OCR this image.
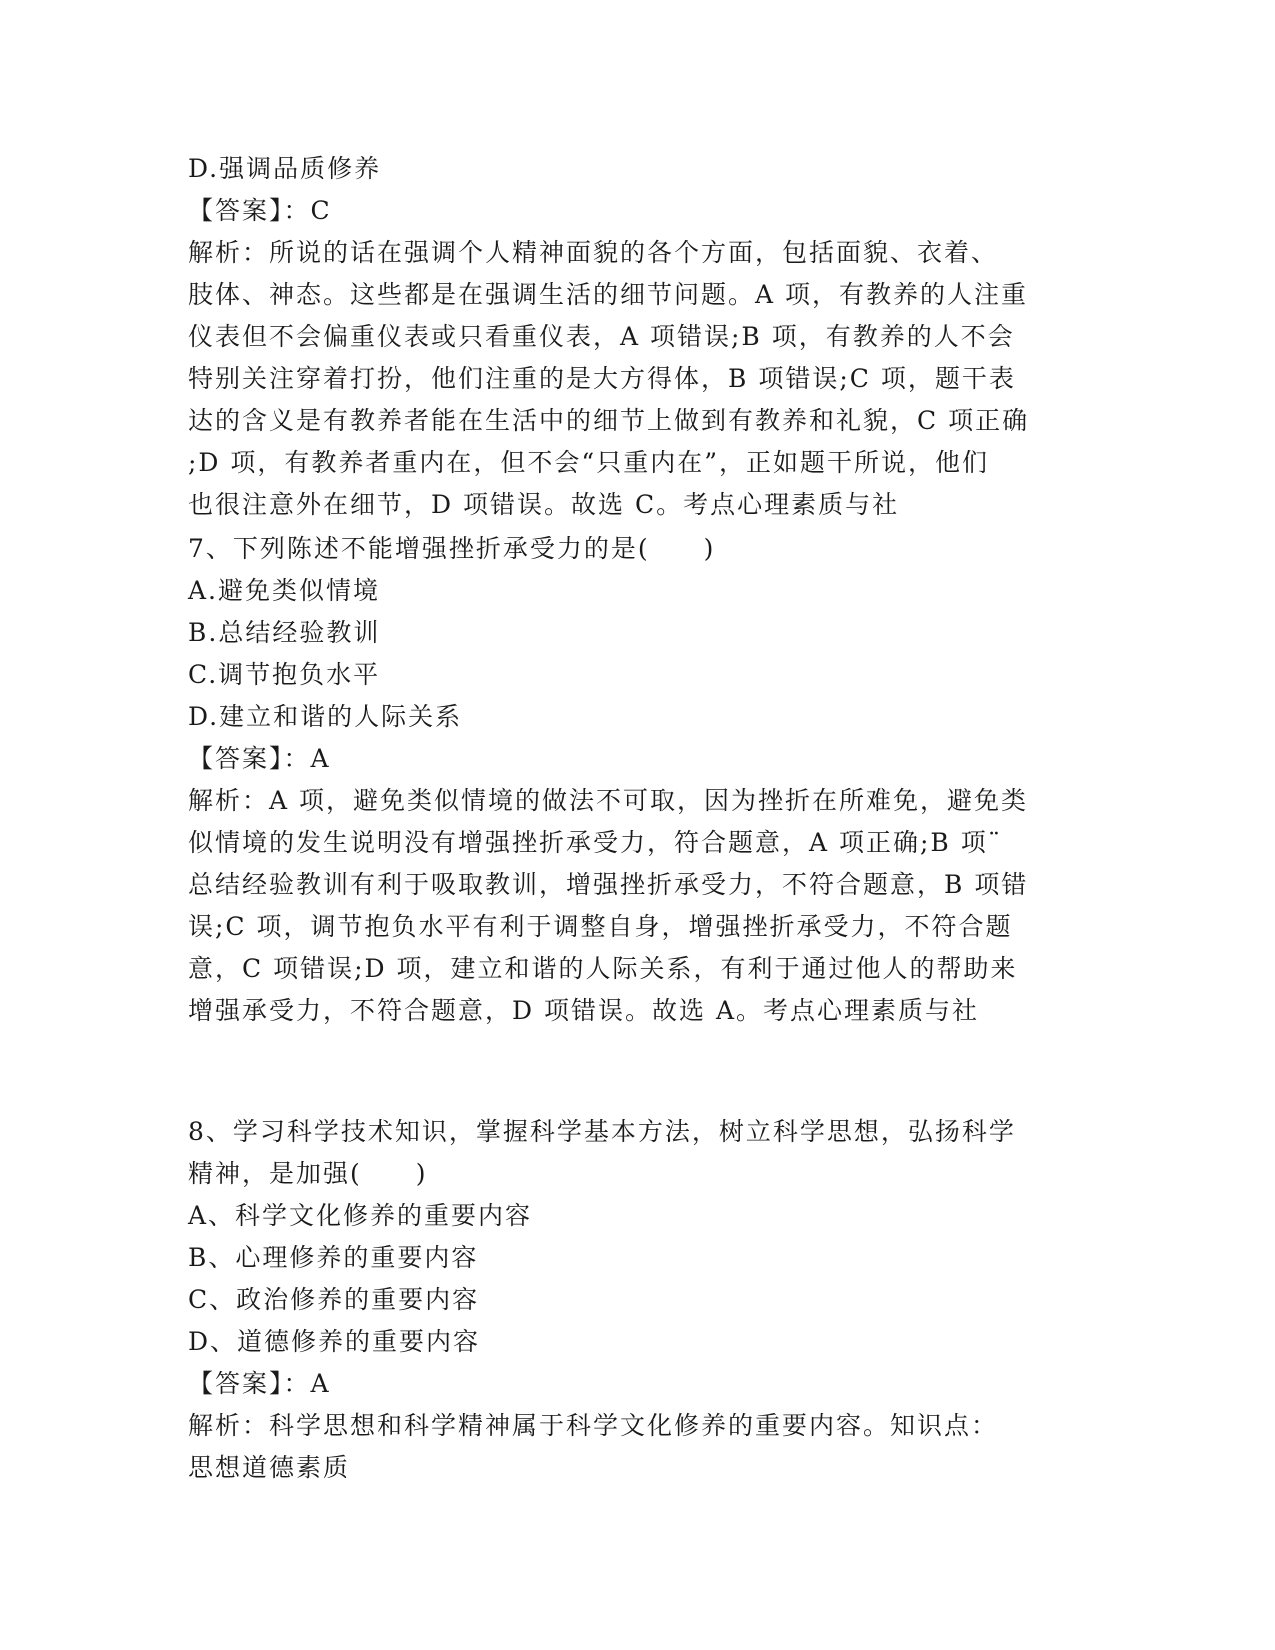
D.强调品质修养
【答案】：C
解析：所说的话在强调个人精神面貌的各个方面，包括面貌、衣着、
肢体、神态。这些都是在强调生活的细节问题。A 项，有教养的人注重
仪表但不会偏重仪表或只看重仪表，A 项错误;B 项，有教养的人不会
特别关注穿着打扮，他们注重的是大方得体，B 项错误;C 项，题干表
达的含义是有教养者能在生活中的细节上做到有教养和礼貌，C 项正确
;D 项，有教养者重内在，但不会“只重内在”，正如题干所说，他们
也很注意外在细节，D 项错误。故选 C。考点心理素质与社
7、下列陈述不能增强挫折承受力的是(　　)
A.避免类似情境
B.总结经验教训
C.调节抱负水平
D.建立和谐的人际关系
【答案】：A
解析：A 项，避免类似情境的做法不可取，因为挫折在所难免，避免类
似情境的发生说明没有增强挫折承受力，符合题意，A 项正确;B 项¨
总结经验教训有利于吸取教训，增强挫折承受力，不符合题意，B 项错
误;C 项，调节抱负水平有利于调整自身，增强挫折承受力，不符合题
意，C 项错误;D 项，建立和谐的人际关系，有利于通过他人的帮助来
增强承受力，不符合题意，D 项错误。故选 A。考点心理素质与社
8、学习科学技术知识，掌握科学基本方法，树立科学思想，弘扬科学
精神，是加强(　　)
A、科学文化修养的重要内容
B、心理修养的重要内容
C、政治修养的重要内容
D、道德修养的重要内容
【答案】：A
解析：科学思想和科学精神属于科学文化修养的重要内容。知识点：
思想道德素质
